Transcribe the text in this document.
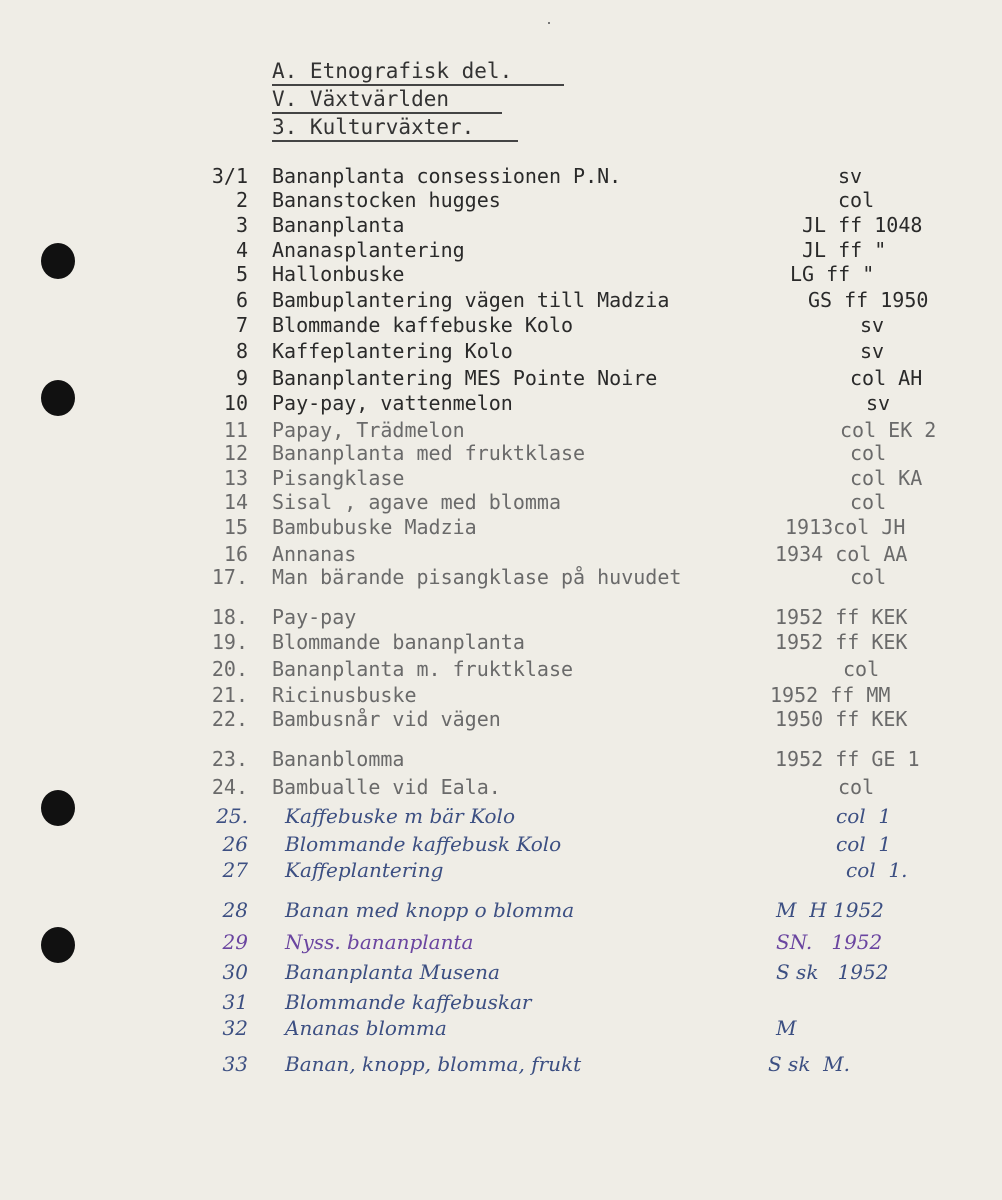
A. Etnografisk del.
V. Växtvärlden
3. Kulturväxter.
3/1 Bananplanta consessionen P.N.	sv
2 Bananstocken hugges	col
3 Bananplanta	JL ff 1048
4 Ananasplantering	JL ff "
5 Hallonbuske	LG ff "
6 Bambuplantering vägen till Madzia	GS ff 1950
7 Blommande kaffebuske Kolo	sv
8 Kaffeplantering Kolo	sv
9 Bananplantering MES Pointe Noire	col AH
10 Pay-pay, vattenmelon	sv
11 Papay, Trädmelon	col EK 2
12 Bananplanta med fruktklase	col
13 Pisangklase	col KA
14 Sisal , agave med blomma	col
15 Bambubuske Madzia	1913col JH
16 Annanas	1934 col AA
17. Man bärande pisangklase på huvudet	col
18. Pay-pay	1952 ff KEK
19. Blommande bananplanta	1952 ff KEK
20. Bananplanta m. fruktklase	col
21. Ricinusbuske	1952 ff MM
22. Bambusnår vid vägen	1950 ff KEK
23. Bananblomma	1952 ff GE 1
24. Bambualle vid Eala.	col
25. Kaffebuske m bär Kolo	col  1
26 Blommande kaffebusk Kolo	col  1
27 Kaffeplantering	col  1.
28 Banan med knopp o blomma	M  H 1952
29 Nyss. bananplanta	SN.   1952
30 Bananplanta Musena	S sk   1952
31 Blommande kaffebuskar
32 Ananas blomma	M
33 Banan, knopp, blomma, frukt	S sk  M.
